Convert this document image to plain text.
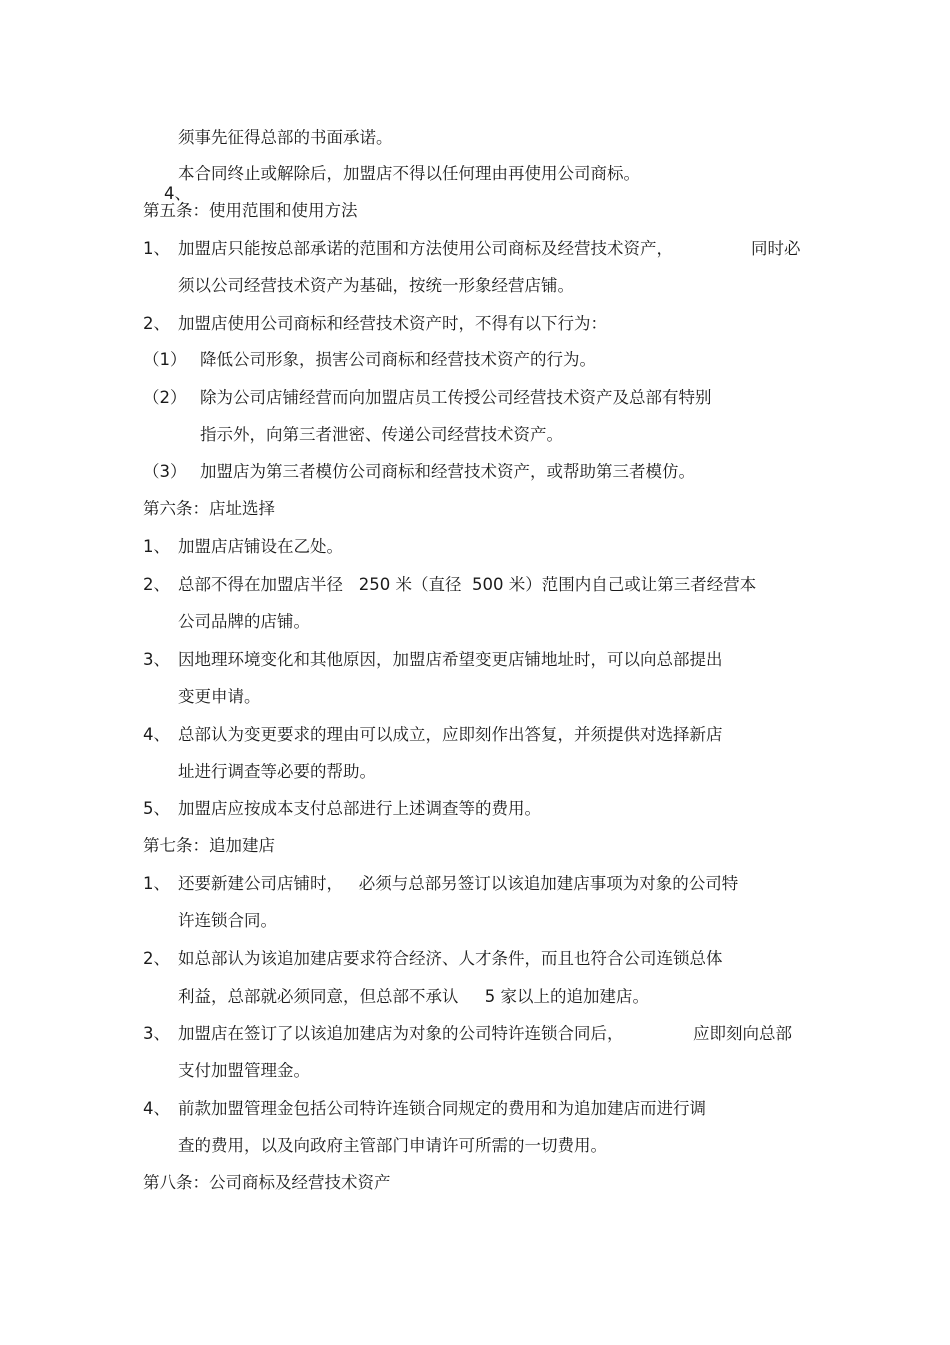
须事先征得总部的书面承诺。

4、

本合同终止或解除后，加盟店不得以任何理由再使用公司商标。
第五条：使用范围和使用方法
1、 加盟店只能按总部承诺的范围和方法使用公司商标及经营技术资产，	同时必
须以公司经营技术资产为基础，按统一形象经营店铺。
2、 加盟店使用公司商标和经营技术资产时，不得有以下行为：
（1） 降低公司形象，损害公司商标和经营技术资产的行为。
（2） 除为公司店铺经营而向加盟店员工传授公司经营技术资产及总部有特别
指示外，向第三者泄密、传递公司经营技术资产。
（3） 加盟店为第三者模仿公司商标和经营技术资产，或帮助第三者模仿。
第六条：店址选择
1、 加盟店店铺设在乙处。
2、 总部不得在加盟店半径   250 米（直径  500 米）范围内自己或让第三者经营本
公司品牌的店铺。
3、 因地理环境变化和其他原因，加盟店希望变更店铺地址时，可以向总部提出
变更申请。
4、 总部认为变更要求的理由可以成立，应即刻作出答复，并须提供对选择新店
址进行调查等必要的帮助。
5、 加盟店应按成本支付总部进行上述调查等的费用。
第七条：追加建店
1、 还要新建公司店铺时，   必须与总部另签订以该追加建店事项为对象的公司特
许连锁合同。
2、 如总部认为该追加建店要求符合经济、人才条件，而且也符合公司连锁总体
利益，总部就必须同意，但总部不承认     5 家以上的追加建店。
3、 加盟店在签订了以该追加建店为对象的公司特许连锁合同后，	应即刻向总部
支付加盟管理金。
4、 前款加盟管理金包括公司特许连锁合同规定的费用和为追加建店而进行调
查的费用，以及向政府主管部门申请许可所需的一切费用。
第八条：公司商标及经营技术资产
